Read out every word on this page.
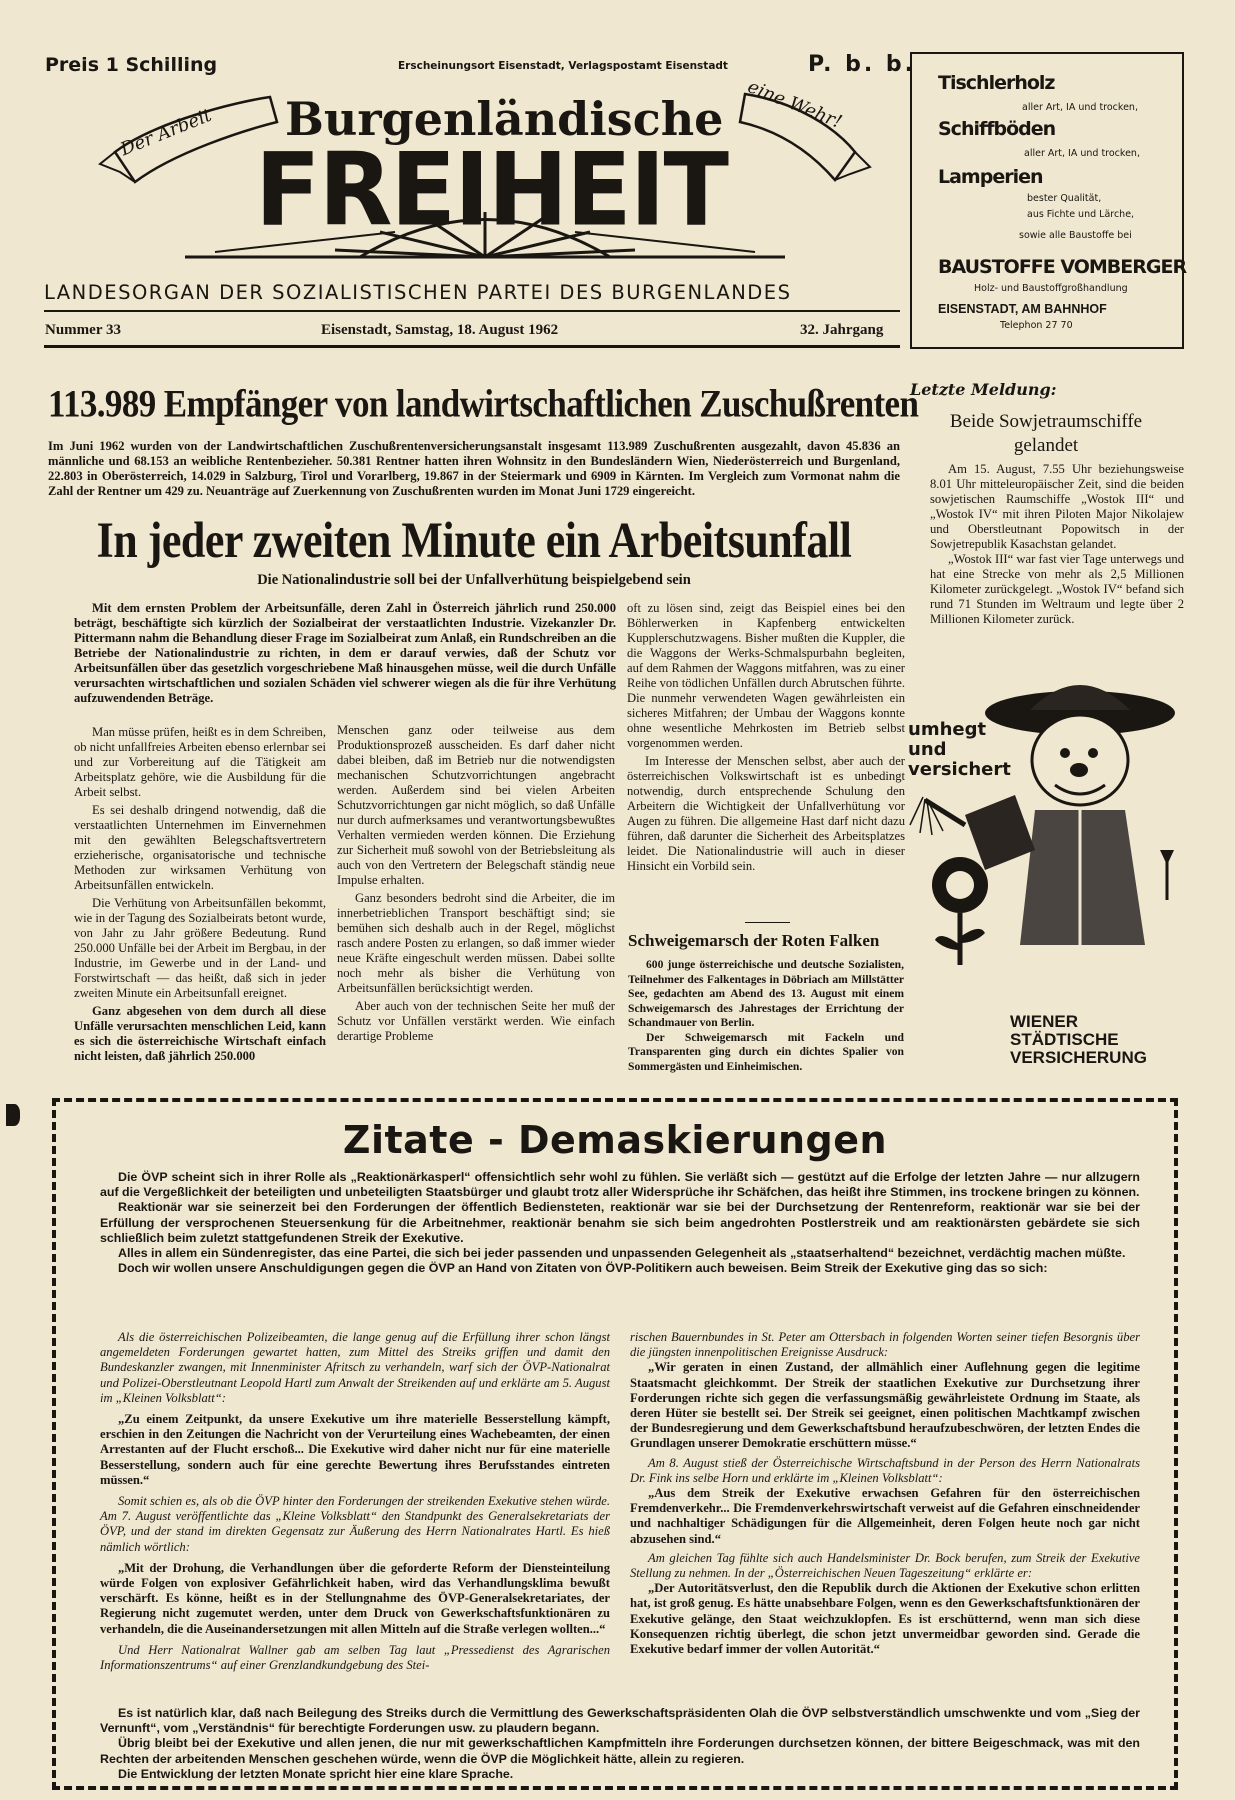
Preis 1 Schilling	Erscheinungsort Eisenstadt, Verlagspostamt Eisenstadt	P. b. b.
Der Arbeit	eine Wehr!
Burgenländische
FREIHEIT
LANDESORGAN DER SOZIALISTISCHEN PARTEI DES BURGENLANDES
Nummer 33	Eisenstadt, Samstag, 18. August 1962	32. Jahrgang
Tischlerholz
aller Art, IA und trocken,
Schiffböden
aller Art, IA und trocken,
Lamperien
bester Qualität,
aus Fichte und Lärche,
sowie alle Baustoffe bei
BAUSTOFFE VOMBERGER
Holz- und Baustoffgroßhandlung
EISENSTADT, AM BAHNHOF
Telephon 27 70
113.989 Empfänger von landwirtschaftlichen Zuschußrenten
Im Juni 1962 wurden von der Landwirtschaftlichen Zuschußrentenversicherungsanstalt insgesamt 113.989 Zuschußrenten ausgezahlt, davon 45.836 an männliche und 68.153 an weibliche Rentenbezieher. 50.381 Rentner hatten ihren Wohnsitz in den Bundesländern Wien, Niederösterreich und Burgenland, 22.803 in Oberösterreich, 14.029 in Salzburg, Tirol und Vorarlberg, 19.867 in der Steiermark und 6909 in Kärnten. Im Vergleich zum Vormonat nahm die Zahl der Rentner um 429 zu. Neuanträge auf Zuerkennung von Zuschußrenten wurden im Monat Juni 1729 eingereicht.
In jeder zweiten Minute ein Arbeitsunfall
Die Nationalindustrie soll bei der Unfallverhütung beispielgebend sein
Mit dem ernsten Problem der Arbeitsunfälle, deren Zahl in Österreich jährlich rund 250.000 beträgt, beschäftigte sich kürzlich der Sozialbeirat der verstaatlichten Industrie. Vizekanzler Dr. Pittermann nahm die Behandlung dieser Frage im Sozialbeirat zum Anlaß, ein Rundschreiben an die Betriebe der Nationalindustrie zu richten, in dem er darauf verwies, daß der Schutz vor Arbeitsunfällen über das gesetzlich vorgeschriebene Maß hinausgehen müsse, weil die durch Unfälle verursachten wirtschaftlichen und sozialen Schäden viel schwerer wiegen als die für ihre Verhütung aufzuwendenden Beträge.

Man müsse prüfen, heißt es in dem Schreiben, ob nicht unfallfreies Arbeiten ebenso erlernbar sei und zur Vorbereitung auf die Tätigkeit am Arbeitsplatz gehöre, wie die Ausbildung für die Arbeit selbst.

Es sei deshalb dringend notwendig, daß die verstaatlichten Unternehmen im Einvernehmen mit den gewählten Belegschaftsvertretern erzieherische, organisatorische und technische Methoden zur wirksamen Verhütung von Arbeitsunfällen entwickeln.

Die Verhütung von Arbeitsunfällen bekommt, wie in der Tagung des Sozialbeirats betont wurde, von Jahr zu Jahr größere Bedeutung. Rund 250.000 Unfälle bei der Arbeit im Bergbau, in der Industrie, im Gewerbe und in der Land- und Forstwirtschaft — das heißt, daß sich in jeder zweiten Minute ein Arbeitsunfall ereignet.

Ganz abgesehen von dem durch all diese Unfälle verursachten menschlichen Leid, kann es sich die österreichische Wirtschaft einfach nicht leisten, daß jährlich 250.000

Menschen ganz oder teilweise aus dem Produktionsprozeß ausscheiden. Es darf daher nicht dabei bleiben, daß im Betrieb nur die notwendigsten mechanischen Schutzvorrichtungen angebracht werden. Außerdem sind bei vielen Arbeiten Schutzvorrichtungen gar nicht möglich, so daß Unfälle nur durch aufmerksames und verantwortungsbewußtes Verhalten vermieden werden können. Die Erziehung zur Sicherheit muß sowohl von der Betriebsleitung als auch von den Vertretern der Belegschaft ständig neue Impulse erhalten.

Ganz besonders bedroht sind die Arbeiter, die im innerbetrieblichen Transport beschäftigt sind; sie bemühen sich deshalb auch in der Regel, möglichst rasch andere Posten zu erlangen, so daß immer wieder neue Kräfte eingeschult werden müssen. Dabei sollte noch mehr als bisher die Verhütung von Arbeitsunfällen berücksichtigt werden.

Aber auch von der technischen Seite her muß der Schutz vor Unfällen verstärkt werden. Wie einfach derartige Probleme

oft zu lösen sind, zeigt das Beispiel eines bei den Böhlerwerken in Kapfenberg entwickelten Kupplerschutzwagens. Bisher mußten die Kuppler, die die Waggons der Werks-Schmalspurbahn begleiten, auf dem Rahmen der Waggons mitfahren, was zu einer Reihe von tödlichen Unfällen durch Abrutschen führte. Die nunmehr verwendeten Wagen gewährleisten ein sicheres Mitfahren; der Umbau der Waggons konnte ohne wesentliche Mehrkosten im Betrieb selbst vorgenommen werden.

Im Interesse der Menschen selbst, aber auch der österreichischen Volkswirtschaft ist es unbedingt notwendig, durch entsprechende Schulung den Arbeitern die Wichtigkeit der Unfallverhütung vor Augen zu führen. Die allgemeine Hast darf nicht dazu führen, daß darunter die Sicherheit des Arbeitsplatzes leidet. Die Nationalindustrie will auch in dieser Hinsicht ein Vorbild sein.

Letzte Meldung:
Beide Sowjetraumschiffe gelandet

Am 15. August, 7.55 Uhr beziehungsweise 8.01 Uhr mitteleuropäischer Zeit, sind die beiden sowjetischen Raumschiffe „Wostok III“ und „Wostok IV“ mit ihren Piloten Major Nikolajew und Oberstleutnant Popowitsch in der Sowjetrepublik Kasachstan gelandet.

„Wostok III“ war fast vier Tage unterwegs und hat eine Strecke von mehr als 2,5 Millionen Kilometer zurückgelegt. „Wostok IV“ befand sich rund 71 Stunden im Weltraum und legte über 2 Millionen Kilometer zurück.

Schweigemarsch der Roten Falken

600 junge österreichische und deutsche Sozialisten, Teilnehmer des Falkentages in Döbriach am Millstätter See, gedachten am Abend des 13. August mit einem Schweigemarsch des Jahrestages der Errichtung der Schandmauer von Berlin.

Der Schweigemarsch mit Fackeln und Transparenten ging durch ein dichtes Spalier von Sommergästen und Einheimischen.

umhegt
und
versichert
WIENER
STÄDTISCHE
VERSICHERUNG
Zitate - Demaskierungen

Die ÖVP scheint sich in ihrer Rolle als „Reaktionärkasperl“ offensichtlich sehr wohl zu fühlen. Sie verläßt sich — gestützt auf die Erfolge der letzten Jahre — nur allzugern auf die Vergeßlichkeit der beteiligten und unbeteiligten Staatsbürger und glaubt trotz aller Widersprüche ihr Schäfchen, das heißt ihre Stimmen, ins trockene bringen zu können.

Reaktionär war sie seinerzeit bei den Forderungen der öffentlich Bediensteten, reaktionär war sie bei der Durchsetzung der Rentenreform, reaktionär war sie bei der Erfüllung der versprochenen Steuersenkung für die Arbeitnehmer, reaktionär benahm sie sich beim angedrohten Postlerstreik und am reaktionärsten gebärdete sie sich schließlich beim zuletzt stattgefundenen Streik der Exekutive.

Alles in allem ein Sündenregister, das eine Partei, die sich bei jeder passenden und unpassenden Gelegenheit als „staatserhaltend“ bezeichnet, verdächtig machen müßte.

Doch wir wollen unsere Anschuldigungen gegen die ÖVP an Hand von Zitaten von ÖVP-Politikern auch beweisen. Beim Streik der Exekutive ging das so sich:

Als die österreichischen Polizeibeamten, die lange genug auf die Erfüllung ihrer schon längst angemeldeten Forderungen gewartet hatten, zum Mittel des Streiks griffen und damit den Bundeskanzler zwangen, mit Innenminister Afritsch zu verhandeln, warf sich der ÖVP-Nationalrat und Polizei-Oberstleutnant Leopold Hartl zum Anwalt der Streikenden auf und erklärte am 5. August im „Kleinen Volksblatt“:

„Zu einem Zeitpunkt, da unsere Exekutive um ihre materielle Besserstellung kämpft, erschien in den Zeitungen die Nachricht von der Verurteilung eines Wachebeamten, der einen Arrestanten auf der Flucht erschoß... Die Exekutive wird daher nicht nur für eine materielle Besserstellung, sondern auch für eine gerechte Bewertung ihres Berufsstandes eintreten müssen.“

Somit schien es, als ob die ÖVP hinter den Forderungen der streikenden Exekutive stehen würde. Am 7. August veröffentlichte das „Kleine Volksblatt“ den Standpunkt des Generalsekretariats der ÖVP, und der stand im direkten Gegensatz zur Äußerung des Herrn Nationalrates Hartl. Es hieß nämlich wörtlich:

„Mit der Drohung, die Verhandlungen über die geforderte Reform der Diensteinteilung würde Folgen von explosiver Gefährlichkeit haben, wird das Verhandlungsklima bewußt verschärft. Es könne, heißt es in der Stellungnahme des ÖVP-Generalsekretariates, der Regierung nicht zugemutet werden, unter dem Druck von Gewerkschaftsfunktionären zu verhandeln, die die Auseinandersetzungen mit allen Mitteln auf die Straße verlegen wollten...“

Und Herr Nationalrat Wallner gab am selben Tag laut „Pressedienst des Agrarischen Informationszentrums“ auf einer Grenzlandkundgebung des Stei-

rischen Bauernbundes in St. Peter am Ottersbach in folgenden Worten seiner tiefen Besorgnis über die jüngsten innenpolitischen Ereignisse Ausdruck:

„Wir geraten in einen Zustand, der allmählich einer Auflehnung gegen die legitime Staatsmacht gleichkommt. Der Streik der staatlichen Exekutive zur Durchsetzung ihrer Forderungen richte sich gegen die verfassungsmäßig gewährleistete Ordnung im Staate, als deren Hüter sie bestellt sei. Der Streik sei geeignet, einen politischen Machtkampf zwischen der Bundesregierung und dem Gewerkschaftsbund heraufzubeschwören, der letzten Endes die Grundlagen unserer Demokratie erschüttern müsse.“

Am 8. August stieß der Österreichische Wirtschaftsbund in der Person des Herrn Nationalrats Dr. Fink ins selbe Horn und erklärte im „Kleinen Volksblatt“:

„Aus dem Streik der Exekutive erwachsen Gefahren für den österreichischen Fremdenverkehr... Die Fremdenverkehrswirtschaft verweist auf die Gefahren einschneidender und nachhaltiger Schädigungen für die Allgemeinheit, deren Folgen heute noch gar nicht abzusehen sind.“

Am gleichen Tag fühlte sich auch Handelsminister Dr. Bock berufen, zum Streik der Exekutive Stellung zu nehmen. In der „Österreichischen Neuen Tageszeitung“ erklärte er:

„Der Autoritätsverlust, den die Republik durch die Aktionen der Exekutive schon erlitten hat, ist groß genug. Es hätte unabsehbare Folgen, wenn es den Gewerkschaftsfunktionären der Exekutive gelänge, den Staat weichzuklopfen. Es ist erschütternd, wenn man sich diese Konsequenzen richtig überlegt, die schon jetzt unvermeidbar geworden sind. Gerade die Exekutive bedarf immer der vollen Autorität.“

Es ist natürlich klar, daß nach Beilegung des Streiks durch die Vermittlung des Gewerkschaftspräsidenten Olah die ÖVP selbstverständlich umschwenkte und vom „Sieg der Vernunft“, vom „Verständnis“ für berechtigte Forderungen usw. zu plaudern begann.

Übrig bleibt bei der Exekutive und allen jenen, die nur mit gewerkschaftlichen Kampfmitteln ihre Forderungen durchsetzen können, der bittere Beigeschmack, was mit den Rechten der arbeitenden Menschen geschehen würde, wenn die ÖVP die Möglichkeit hätte, allein zu regieren.

Die Entwicklung der letzten Monate spricht hier eine klare Sprache.
